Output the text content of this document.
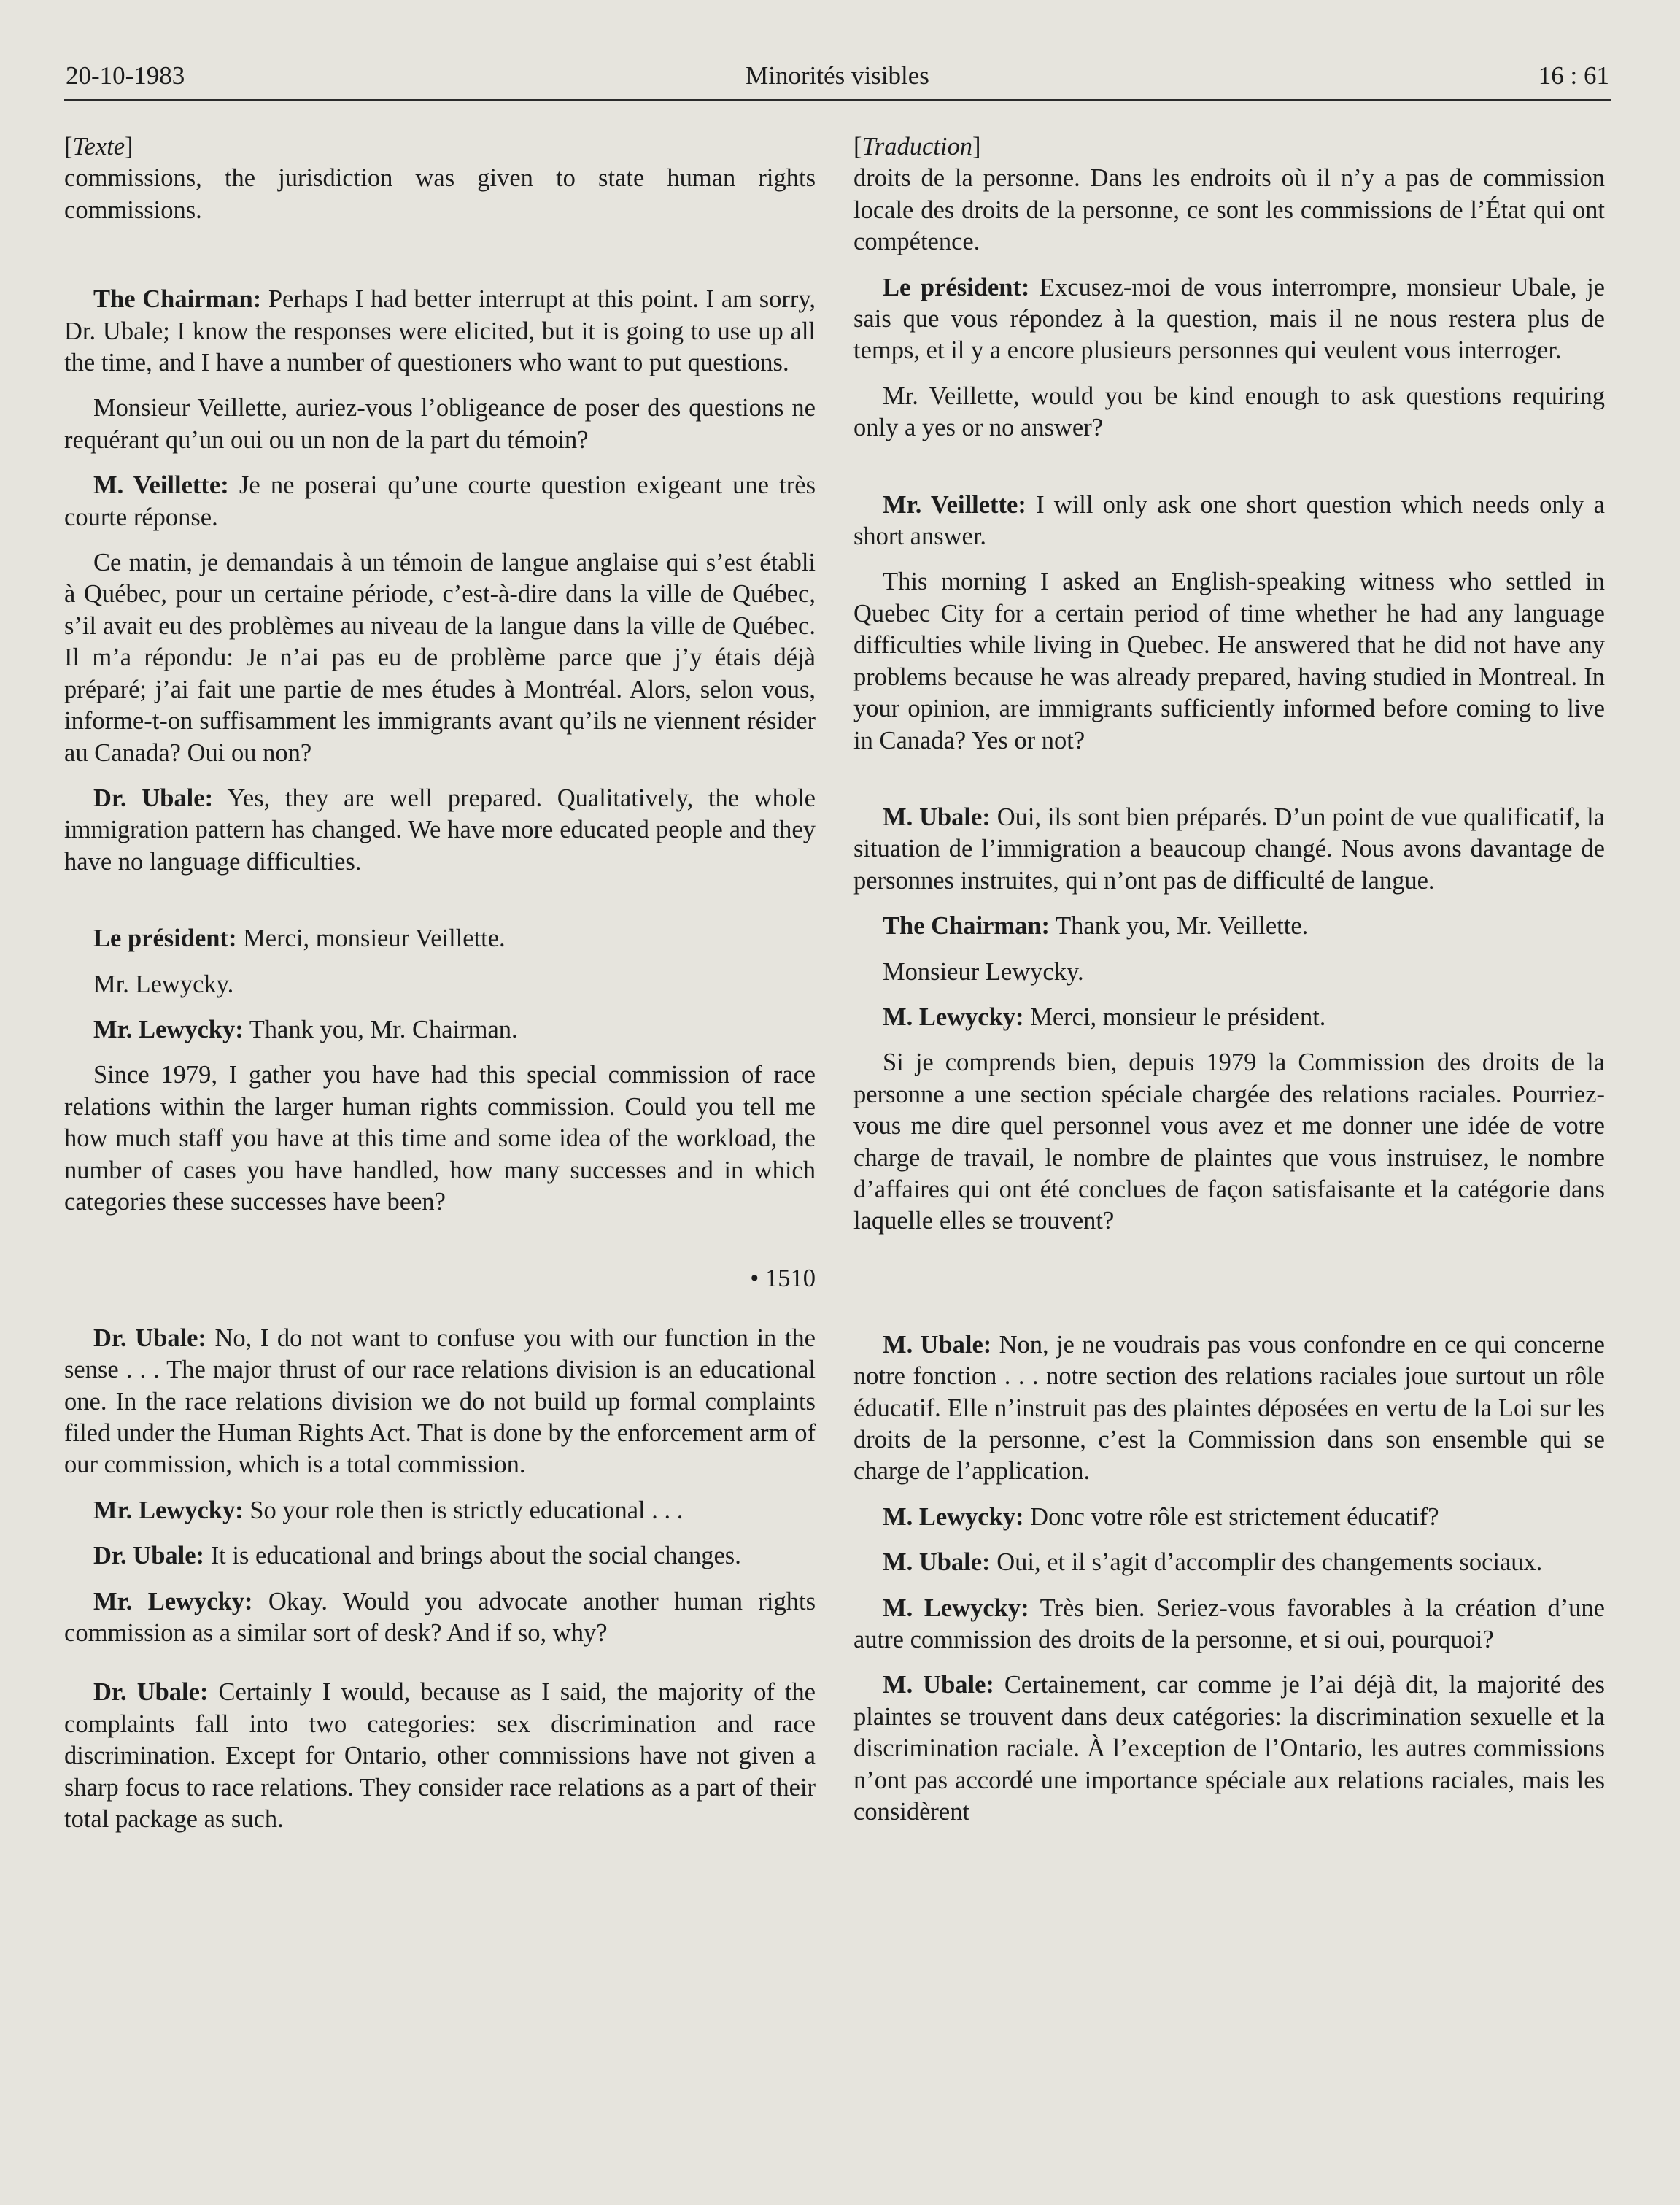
20-10-1983	Minorités visibles	16 : 61

[Texte]

commissions, the jurisdiction was given to state human rights commissions.

The Chairman: Perhaps I had better interrupt at this point. I am sorry, Dr. Ubale; I know the responses were elicited, but it is going to use up all the time, and I have a number of questioners who want to put questions.

Monsieur Veillette, auriez-vous l’obligeance de poser des questions ne requérant qu’un oui ou un non de la part du témoin?

M. Veillette: Je ne poserai qu’une courte question exigeant une très courte réponse.

Ce matin, je demandais à un témoin de langue anglaise qui s’est établi à Québec, pour un certaine période, c’est-à-dire dans la ville de Québec, s’il avait eu des problèmes au niveau de la langue dans la ville de Québec. Il m’a répondu: Je n’ai pas eu de problème parce que j’y étais déjà préparé; j’ai fait une partie de mes études à Montréal. Alors, selon vous, informe-t-on suffisamment les immigrants avant qu’ils ne viennent résider au Canada? Oui ou non?

Dr. Ubale: Yes, they are well prepared. Qualitatively, the whole immigration pattern has changed. We have more educated people and they have no language difficulties.

Le président: Merci, monsieur Veillette.

Mr. Lewycky.

Mr. Lewycky: Thank you, Mr. Chairman.

Since 1979, I gather you have had this special commission of race relations within the larger human rights commission. Could you tell me how much staff you have at this time and some idea of the workload, the number of cases you have handled, how many successes and in which categories these successes have been?

• 1510

Dr. Ubale: No, I do not want to confuse you with our function in the sense . . . The major thrust of our race relations division is an educational one. In the race relations division we do not build up formal complaints filed under the Human Rights Act. That is done by the enforcement arm of our commission, which is a total commission.

Mr. Lewycky: So your role then is strictly educational . . .

Dr. Ubale: It is educational and brings about the social changes.

Mr. Lewycky: Okay. Would you advocate another human rights commission as a similar sort of desk? And if so, why?

Dr. Ubale: Certainly I would, because as I said, the majority of the complaints fall into two categories: sex discrimination and race discrimination. Except for Ontario, other commissions have not given a sharp focus to race relations. They consider race relations as a part of their total package as such.

[Traduction]

droits de la personne. Dans les endroits où il n’y a pas de commission locale des droits de la personne, ce sont les commissions de l’État qui ont compétence.

Le président: Excusez-moi de vous interrompre, monsieur Ubale, je sais que vous répondez à la question, mais il ne nous restera plus de temps, et il y a encore plusieurs personnes qui veulent vous interroger.

Mr. Veillette, would you be kind enough to ask questions requiring only a yes or no answer?

Mr. Veillette: I will only ask one short question which needs only a short answer.

This morning I asked an English-speaking witness who settled in Quebec City for a certain period of time whether he had any language difficulties while living in Quebec. He answered that he did not have any problems because he was already prepared, having studied in Montreal. In your opinion, are immigrants sufficiently informed before coming to live in Canada? Yes or not?

M. Ubale: Oui, ils sont bien préparés. D’un point de vue qualificatif, la situation de l’immigration a beaucoup changé. Nous avons davantage de personnes instruites, qui n’ont pas de difficulté de langue.

The Chairman: Thank you, Mr. Veillette.

Monsieur Lewycky.

M. Lewycky: Merci, monsieur le président.

Si je comprends bien, depuis 1979 la Commission des droits de la personne a une section spéciale chargée des relations raciales. Pourriez-vous me dire quel personnel vous avez et me donner une idée de votre charge de travail, le nombre de plaintes que vous instruisez, le nombre d’affaires qui ont été conclues de façon satisfaisante et la catégorie dans laquelle elles se trouvent?

M. Ubale: Non, je ne voudrais pas vous confondre en ce qui concerne notre fonction . . . notre section des relations raciales joue surtout un rôle éducatif. Elle n’instruit pas des plaintes déposées en vertu de la Loi sur les droits de la personne, c’est la Commission dans son ensemble qui se charge de l’application.

M. Lewycky: Donc votre rôle est strictement éducatif?

M. Ubale: Oui, et il s’agit d’accomplir des changements sociaux.

M. Lewycky: Très bien. Seriez-vous favorables à la création d’une autre commission des droits de la personne, et si oui, pourquoi?

M. Ubale: Certainement, car comme je l’ai déjà dit, la majorité des plaintes se trouvent dans deux catégories: la discrimination sexuelle et la discrimination raciale. À l’exception de l’Ontario, les autres commissions n’ont pas accordé une importance spéciale aux relations raciales, mais les considèrent
